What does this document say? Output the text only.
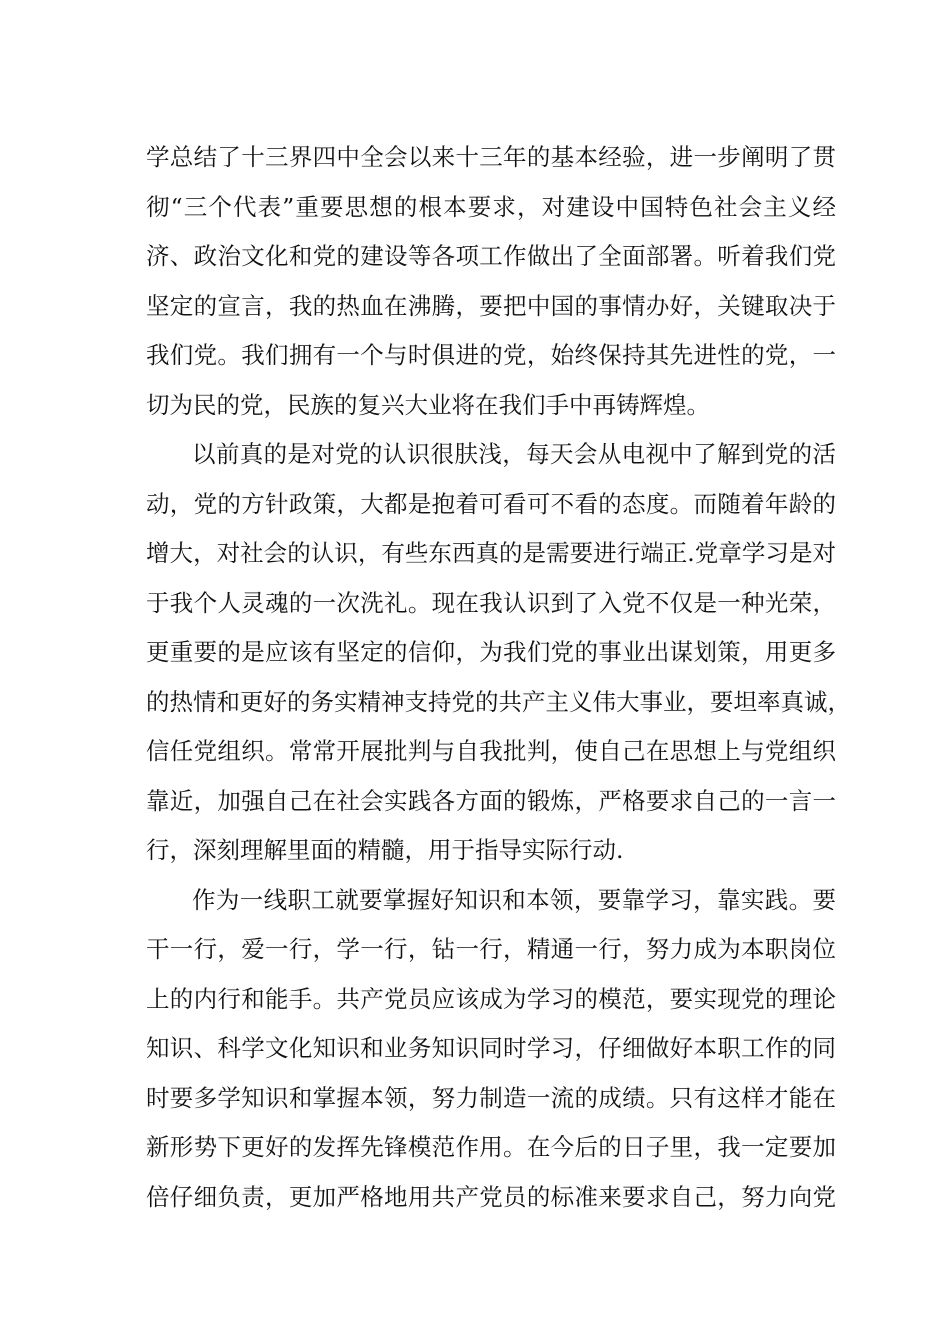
学总结了十三界四中全会以来十三年的基本经验，进一步阐明了贯
彻“三个代表”重要思想的根本要求，对建设中国特色社会主义经
济、政治文化和党的建设等各项工作做出了全面部署。听着我们党
坚定的宣言，我的热血在沸腾，要把中国的事情办好，关键取决于
我们党。我们拥有一个与时俱进的党，始终保持其先进性的党，一
切为民的党，民族的复兴大业将在我们手中再铸辉煌。
以前真的是对党的认识很肤浅，每天会从电视中了解到党的活
动，党的方针政策，大都是抱着可看可不看的态度。而随着年龄的
增大，对社会的认识，有些东西真的是需要进行端正.党章学习是对
于我个人灵魂的一次洗礼。现在我认识到了入党不仅是一种光荣，
更重要的是应该有坚定的信仰，为我们党的事业出谋划策，用更多
的热情和更好的务实精神支持党的共产主义伟大事业，要坦率真诚，
信任党组织。常常开展批判与自我批判，使自己在思想上与党组织
靠近，加强自己在社会实践各方面的锻炼，严格要求自己的一言一
行，深刻理解里面的精髓，用于指导实际行动.
作为一线职工就要掌握好知识和本领，要靠学习，靠实践。要
干一行，爱一行，学一行，钻一行，精通一行，努力成为本职岗位
上的内行和能手。共产党员应该成为学习的模范，要实现党的理论
知识、科学文化知识和业务知识同时学习，仔细做好本职工作的同
时要多学知识和掌握本领，努力制造一流的成绩。只有这样才能在
新形势下更好的发挥先锋模范作用。在今后的日子里，我一定要加
倍仔细负责，更加严格地用共产党员的标准来要求自己，努力向党
